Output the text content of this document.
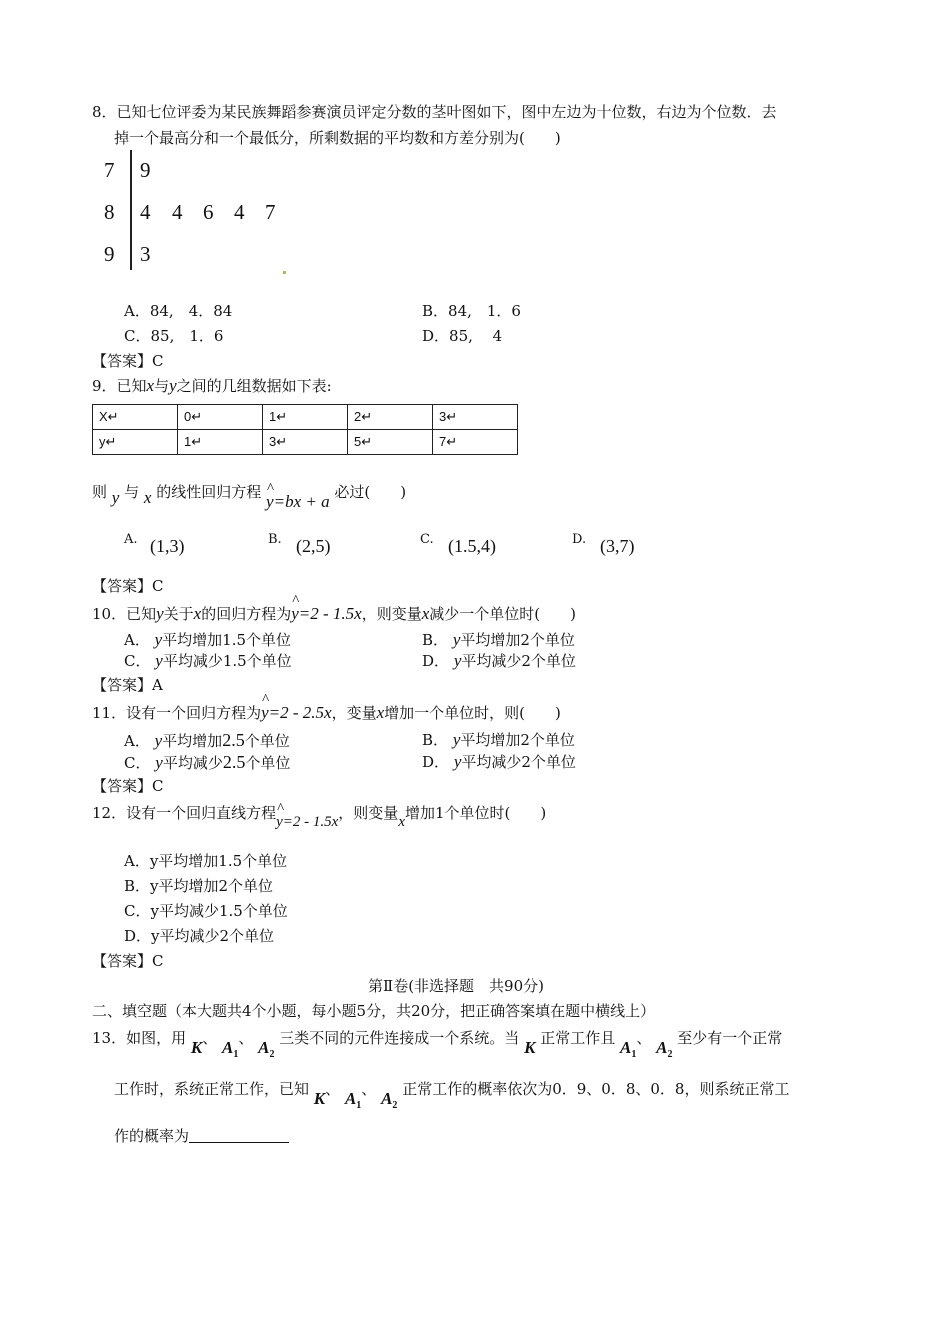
8．已知七位评委为某民族舞蹈参赛演员评定分数的茎叶图如下，图中左边为十位数，右边为个位数．去
掉一个最高分和一个最低分，所剩数据的平均数和方差分别为(　　)
7 9
8 4 4 6 4 7
9 3
A．84,　4．84	B．84,　1．6
C．85,　1．6	D．85,　 4
【答案】C
9．已知x与y之间的几组数据如下表:
X↵	0↵	1↵	2↵	3↵
y↵	1↵	3↵	5↵	7↵
则 y 与 x 的线性回归方程 ^ y=bx + a 必过(　　)
A. (1,3)	B. (2,5)	C. (1.5,4)	D. (3,7)
【答案】C
10．已知y关于x的回归方程为^ y=2 - 1.5x，则变量x减少一个单位时(　　)
A． y平均增加1.5个单位	B． y平均增加2个单位
C． y平均减少1.5个单位	D． y平均减少2个单位
【答案】A
11．设有一个回归方程为^ y=2 - 2.5x，变量x增加一个单位时，则(　　)
A． y平均增加2.5个单位	B． y平均增加2个单位
C． y平均减少2.5个单位	D． y平均减少2个单位
【答案】C
12．设有一个回归直线方程^ y=2 - 1.5x，则变量x增加1个单位时(　　)
A．y平均增加1.5个单位
B．y平均增加2个单位
C．y平均减少1.5个单位
D．y平均减少2个单位
【答案】C
第Ⅱ卷(非选择题　共90分)
二、填空题（本大题共4个小题，每小题5分，共20分，把正确答案填在题中横线上）
13．如图，用 K、 $A_1$、 $A_2$ 三类不同的元件连接成一个系统。当 K 正常工作且 $A_1$、 $A_2$ 至少有一个正常
工作时，系统正常工作，已知 K、 $A_1$、 $A_2$ 正常工作的概率依次为0．9、0．8、0．8，则系统正常工
作的概率为
